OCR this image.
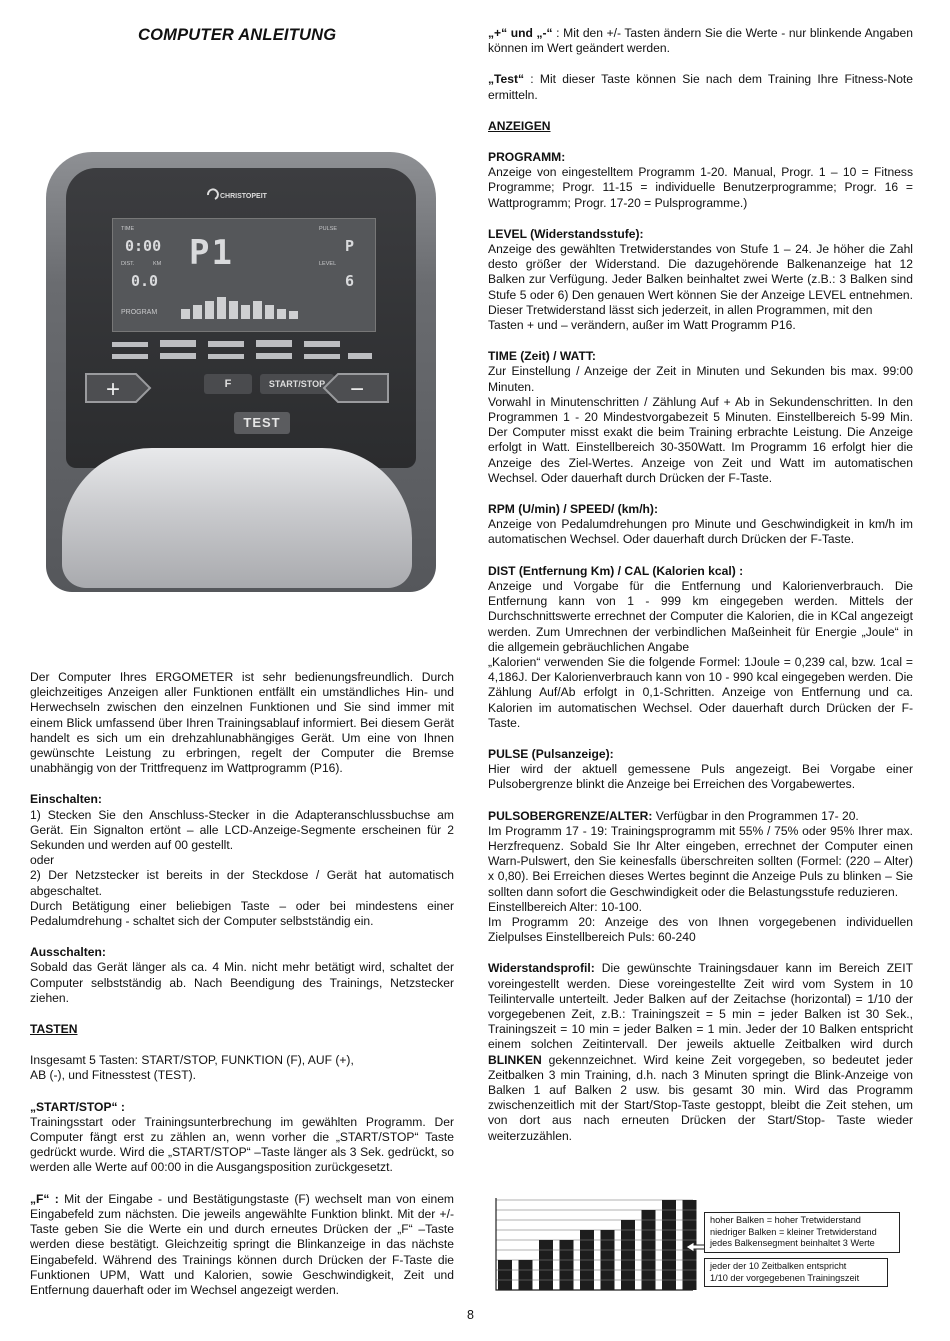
COMPUTER ANLEITUNG
CHRISTOPEIT
TIME
0:00
DIST.	KM
0.0
P1
PROGRAM
PULSE
P
LEVEL
6
F	START/STOP
TEST
+	−

Der Computer Ihres ERGOMETER ist sehr bedienungsfreundlich. Durch gleichzeitiges Anzeigen aller Funktionen entfällt ein umständliches Hin- und Herwechseln zwischen den einzelnen Funktionen und Sie sind immer mit einem Blick umfassend über Ihren Trainingsablauf informiert. Bei diesem Gerät handelt es sich um ein drehzahlunabhängiges Gerät. Um eine von Ihnen gewünschte Leistung zu erbringen, regelt der Computer die Bremse unabhängig von der Trittfrequenz im Wattprogramm (P16).

Einschalten:

1) Stecken Sie den Anschluss-Stecker in die Adapteranschlussbuchse am Gerät. Ein Signalton ertönt – alle LCD-Anzeige-Segmente erscheinen für 2 Sekunden und werden auf 00 gestellt.

oder

2) Der Netzstecker ist bereits in der Steckdose / Gerät hat automatisch abgeschaltet.

Durch Betätigung einer beliebigen Taste – oder bei mindestens einer Pedalumdrehung - schaltet sich der Computer selbstständig ein.

Ausschalten:

Sobald das Gerät länger als ca. 4 Min. nicht mehr betätigt wird, schaltet der Computer selbstständig ab. Nach Beendigung des Trainings, Netzstecker ziehen.

TASTEN

Insgesamt 5 Tasten: START/STOP, FUNKTION (F), AUF (+),

AB (-), und Fitnesstest (TEST).

„START/STOP“ :

Trainingsstart oder Trainingsunterbrechung im gewählten Programm. Der Computer fängt erst zu zählen an, wenn vorher die „START/STOP“ Taste gedrückt wurde. Wird die „START/STOP“ –Taste länger als 3 Sek. gedrückt, so werden alle Werte auf 00:00 in die Ausgangsposition zurückgesetzt.

„F“ : Mit der Eingabe - und Bestätigungstaste (F) wechselt man von einem Eingabefeld zum nächsten. Die jeweils angewählte Funktion blinkt. Mit der +/- Taste geben Sie die Werte ein und durch erneutes Drücken der „F“ –Taste werden diese bestätigt. Gleichzeitig springt die Blinkanzeige in das nächste Eingabefeld. Während des Trainings können durch Drücken der F-Taste die Funktionen UPM, Watt und Kalorien, sowie Geschwindigkeit, Zeit und Entfernung dauerhaft oder im Wechsel angezeigt werden.

„+“ und „-“ : Mit den +/- Tasten ändern Sie die Werte - nur blinkende Angaben können im Wert geändert werden.

„Test“ : Mit dieser Taste können Sie nach dem Training Ihre Fitness-Note ermitteln.

ANZEIGEN

PROGRAMM:

Anzeige von eingestelltem Programm 1-20. Manual, Progr. 1 – 10 = Fitness Programme; Progr. 11-15 = individuelle Benutzerprogramme; Progr. 16 = Wattprogramm; Progr. 17-20 = Pulsprogramme.)

LEVEL (Widerstandsstufe):

Anzeige des gewählten Tretwiderstandes von Stufe 1 – 24. Je höher die Zahl desto größer der Widerstand. Die dazugehörende Balkenanzeige hat 12 Balken zur Verfügung. Jeder Balken beinhaltet zwei Werte (z.B.: 3 Balken sind Stufe 5 oder 6) Den genauen Wert können Sie der Anzeige LEVEL entnehmen. Dieser Tretwiderstand lässt sich jederzeit, in allen Programmen, mit den

Tasten + und – verändern, außer im Watt Programm P16.

TIME (Zeit) / WATT:

Zur Einstellung / Anzeige der Zeit in Minuten und Sekunden bis max. 99:00 Minuten.

Vorwahl in Minutenschritten / Zählung Auf + Ab in Sekundenschritten. In den Programmen 1 - 20 Mindestvorgabezeit 5 Minuten. Einstellbereich 5-99 Min. Der Computer misst exakt die beim Training erbrachte Leistung. Die Anzeige erfolgt in Watt. Einstellbereich 30-350Watt. Im Programm 16 erfolgt hier die Anzeige des Ziel-Wertes. Anzeige von Zeit und Watt im automatischen Wechsel. Oder dauerhaft durch Drücken der F-Taste.

RPM (U/min) / SPEED/ (km/h):

Anzeige von Pedalumdrehungen pro Minute und Geschwindigkeit in km/h im automatischen Wechsel. Oder dauerhaft durch Drücken der F-Taste.

DIST (Entfernung Km) / CAL (Kalorien kcal) :

Anzeige und Vorgabe für die Entfernung und Kalorienverbrauch. Die Entfernung kann von 1 - 999 km eingegeben werden. Mittels der Durchschnittswerte errechnet der Computer die Kalorien, die in KCal angezeigt werden. Zum Umrechnen der verbindlichen Maßeinheit für Energie „Joule“ in die allgemein gebräuchlichen Angabe

„Kalorien“ verwenden Sie die folgende Formel: 1Joule = 0,239 cal, bzw. 1cal = 4,186J. Der Kalorienverbrauch kann von 10 - 990 kcal eingegeben werden. Die Zählung Auf/Ab erfolgt in 0,1-Schritten. Anzeige von Entfernung und ca. Kalorien im automatischen Wechsel. Oder dauerhaft durch Drücken der F-Taste.

PULSE (Pulsanzeige):

Hier wird der aktuell gemessene Puls angezeigt. Bei Vorgabe einer Pulsobergrenze blinkt die Anzeige bei Erreichen des Vorgabewertes.

PULSOBERGRENZE/ALTER: Verfügbar in den Programmen 17- 20.

Im Programm 17 - 19: Trainingsprogramm mit 55% / 75% oder 95% Ihrer max. Herzfrequenz. Sobald Sie Ihr Alter eingeben, errechnet der Computer einen Warn-Pulswert, den Sie keinesfalls überschreiten sollten (Formel: (220 – Alter) x 0,80). Bei Erreichen dieses Wertes beginnt die Anzeige Puls zu blinken – Sie sollten dann sofort die Geschwindigkeit oder die Belastungsstufe reduzieren.

Einstellbereich Alter: 10-100.

Im Programm 20: Anzeige des von Ihnen vorgegebenen individuellen Zielpulses Einstellbereich Puls: 60-240

Widerstandsprofil: Die gewünschte Trainingsdauer kann im Bereich ZEIT voreingestellt werden. Diese voreingestellte Zeit wird vom System in 10 Teilintervalle unterteilt. Jeder Balken auf der Zeitachse (horizontal) = 1/10 der vorgegebenen Zeit, z.B.: Trainingszeit = 5 min = jeder Balken ist 30 Sek., Trainingszeit = 10 min = jeder Balken = 1 min. Jeder der 10 Balken entspricht einem solchen Zeitintervall. Der jeweils aktuelle Zeitbalken wird durch BLINKEN gekennzeichnet. Wird keine Zeit vorgegeben, so bedeutet jeder Zeitbalken 3 min Training, d.h. nach 3 Minuten springt die Blink-Anzeige von Balken 1 auf Balken 2 usw. bis gesamt 30 min. Wird das Programm zwischenzeitlich mit der Start/Stop-Taste gestoppt, bleibt die Zeit stehen, um von dort aus nach erneuten Drücken der Start/Stop- Taste wieder weiterzuzählen.

hoher Balken = hoher Tretwiderstand
niedriger Balken = kleiner Tretwiderstand
jedes Balkensegment beinhaltet 3 Werte
jeder der 10 Zeitbalken entspricht
1/10 der vorgegebenen Trainingszeit
8
